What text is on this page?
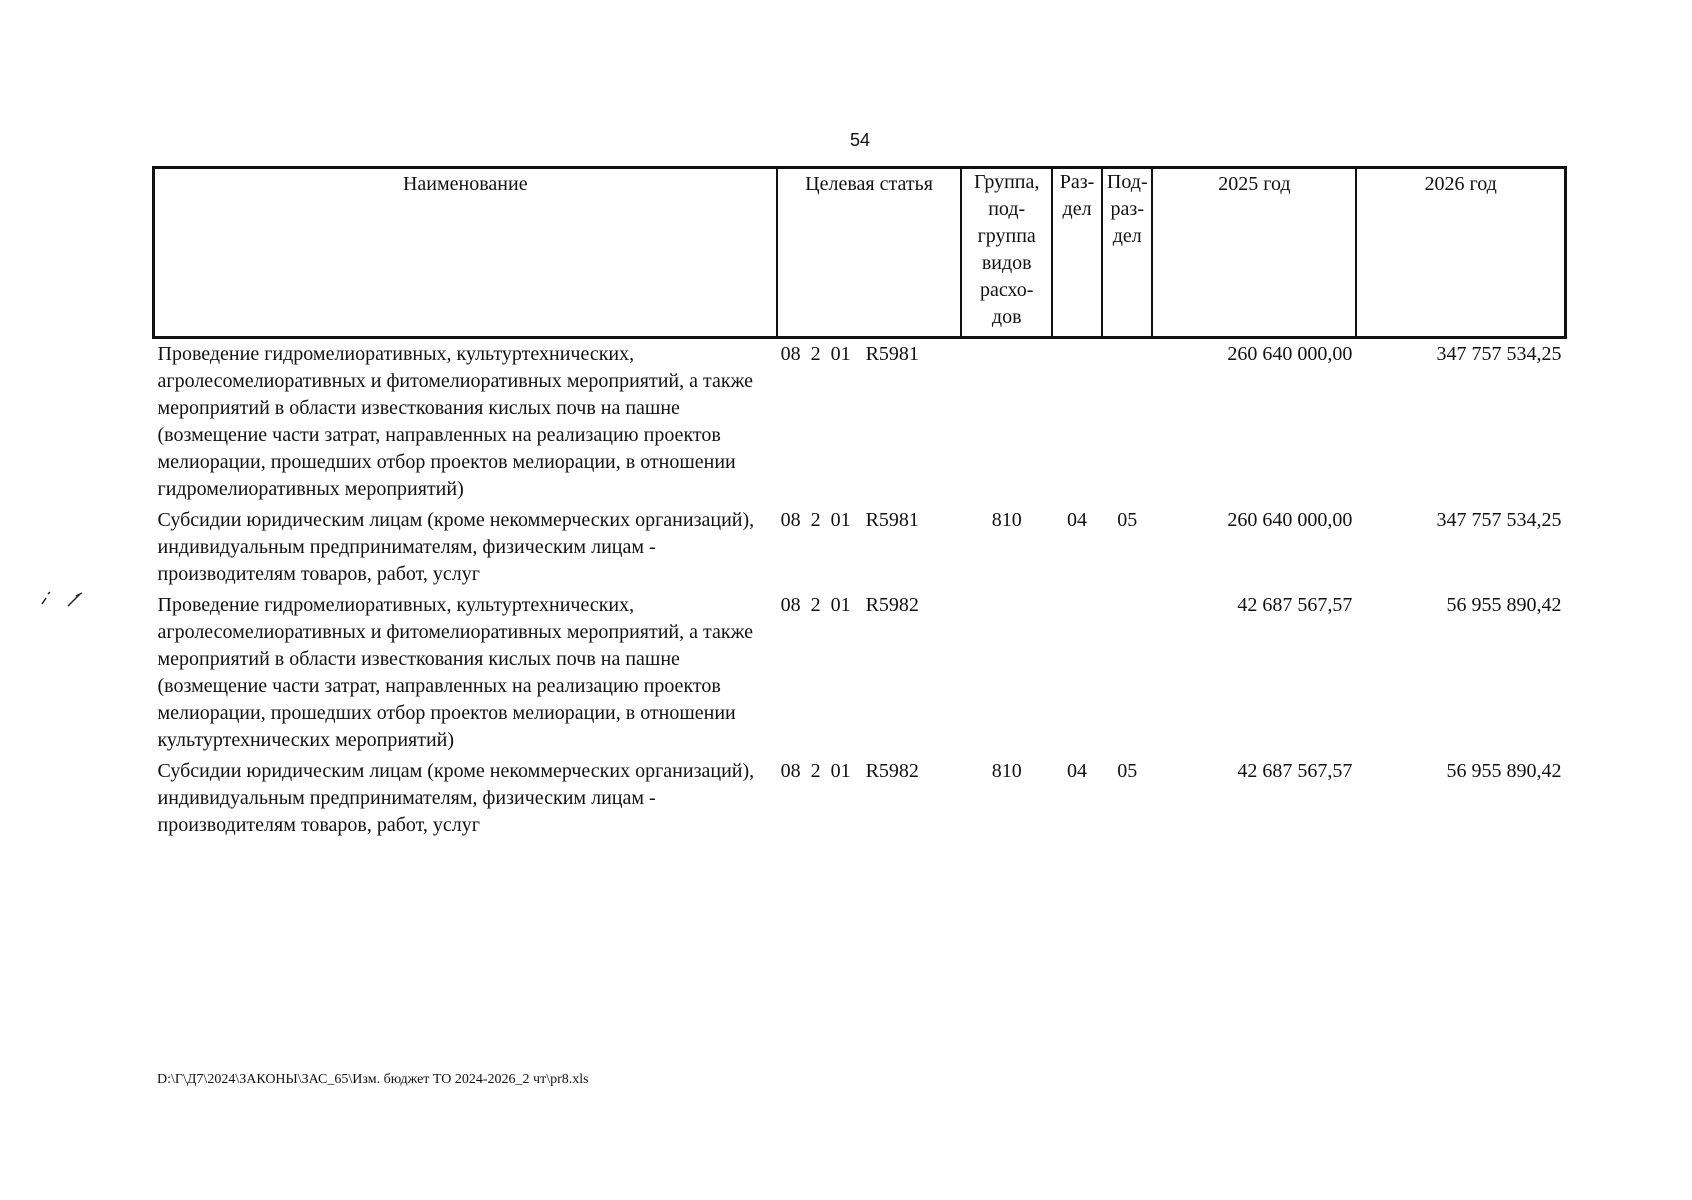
54
Наименование	Целевая статья	Группа, под- группа видов расхо- дов	Раз- дел	Под- раз- дел	2025 год	2026 год
Проведение гидромелиоративных, культуртехнических, агролесомелиоративных и фитомелиоративных мероприятий, а также мероприятий в области известкования кислых почв на пашне (возмещение части затрат, направленных на реализацию проектов мелиорации, прошедших отбор проектов мелиорации, в отношении гидромелиоративных мероприятий)	08  2  01   R5981				260 640 000,00	347 757 534,25
Субсидии юридическим лицам (кроме некоммерческих организаций), индивидуальным предпринимателям, физическим лицам - производителям товаров, работ, услуг	08  2  01   R5981	810	04	05	260 640 000,00	347 757 534,25
Проведение гидромелиоративных, культуртехнических, агролесомелиоративных и фитомелиоративных мероприятий, а также мероприятий в области известкования кислых почв на пашне (возмещение части затрат, направленных на реализацию проектов мелиорации, прошедших отбор проектов мелиорации, в отношении культуртехнических мероприятий)	08  2  01   R5982				42 687 567,57	56 955 890,42
Субсидии юридическим лицам (кроме некоммерческих организаций), индивидуальным предпринимателям, физическим лицам - производителям товаров, работ, услуг	08  2  01   R5982	810	04	05	42 687 567,57	56 955 890,42
D:\Г\Д7\2024\ЗАКОНЫ\ЗАС_65\Изм. бюджет ТО 2024-2026_2 чт\pr8.xls
